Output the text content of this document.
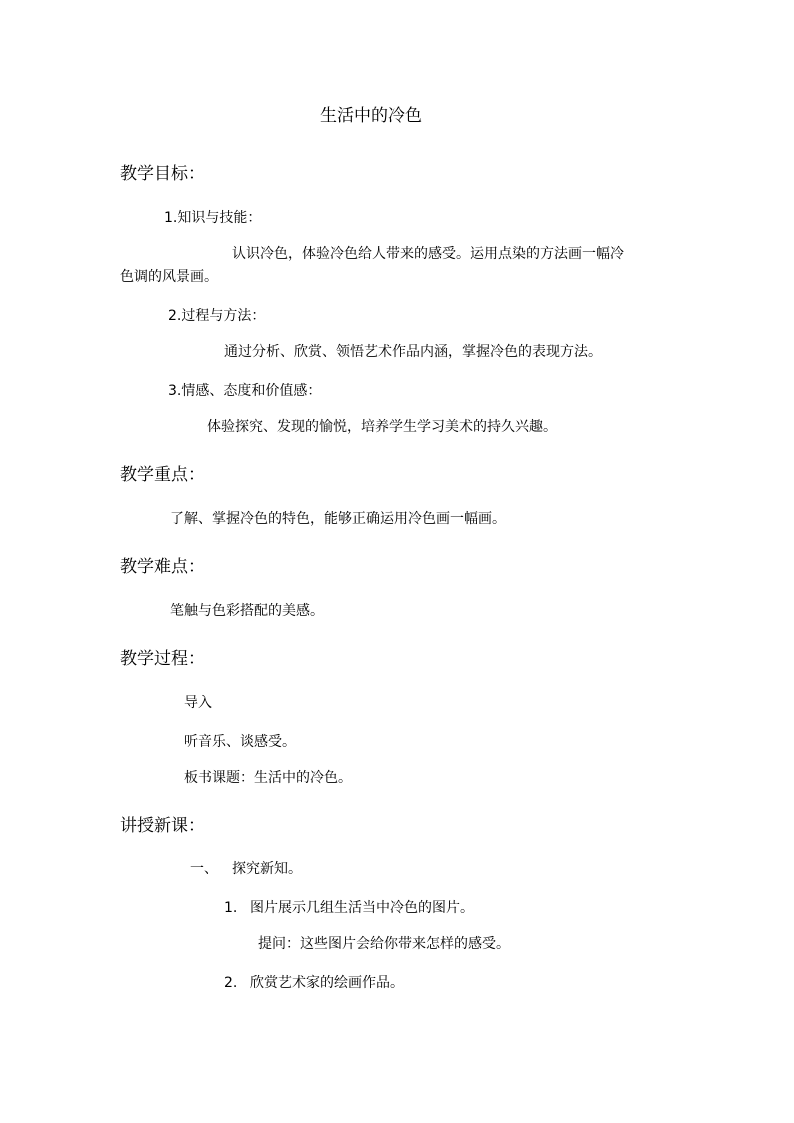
生活中的冷色
教学目标：
1.知识与技能：
认识冷色，体验冷色给人带来的感受。运用点染的方法画一幅冷
色调的风景画。
2.过程与方法：
通过分析、欣赏、领悟艺术作品内涵，掌握冷色的表现方法。
3.情感、态度和价值感：
体验探究、发现的愉悦，培养学生学习美术的持久兴趣。
教学重点：
了解、掌握冷色的特色，能够正确运用冷色画一幅画。
教学难点：
笔触与色彩搭配的美感。
教学过程：
导入
听音乐、谈感受。
板书课题：生活中的冷色。
讲授新课：
一、 探究新知。
1. 图片展示几组生活当中冷色的图片。
提问：这些图片会给你带来怎样的感受。
2. 欣赏艺术家的绘画作品。
